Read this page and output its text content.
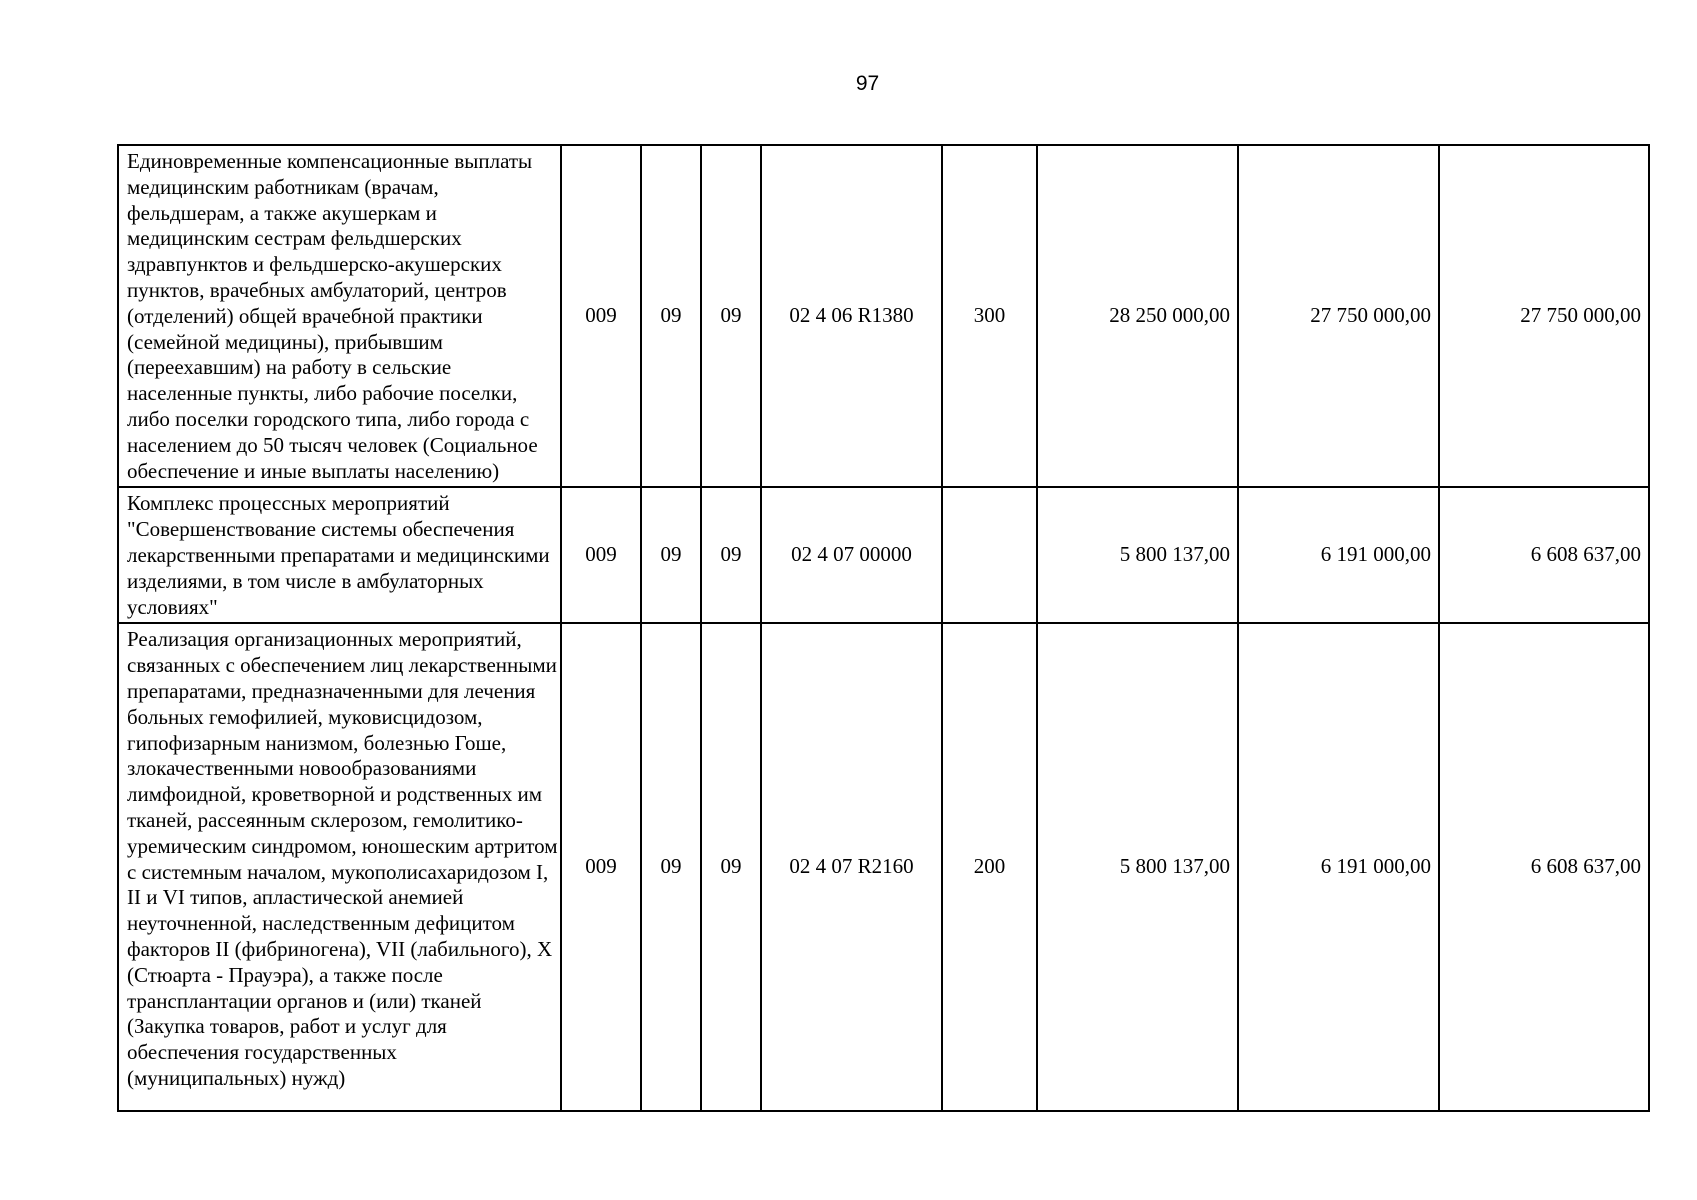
97
Единовременные компенсационные выплаты медицинским работникам (врачам, фельдшерам, а также акушеркам и медицинским сестрам фельдшерских здравпунктов и фельдшерско-акушерских пунктов, врачебных амбулаторий, центров (отделений) общей врачебной практики (семейной медицины), прибывшим (переехавшим) на работу в сельские населенные пункты, либо рабочие поселки, либо поселки городского типа, либо города с населением до 50 тысяч человек (Социальное обеспечение и иные выплаты населению)	009	09	09	02 4 06 R1380	300	28 250 000,00	27 750 000,00	27 750 000,00
Комплекс процессных мероприятий "Совершенствование системы обеспечения лекарственными препаратами и медицинскими изделиями, в том числе в амбулаторных условиях"	009	09	09	02 4 07 00000		5 800 137,00	6 191 000,00	6 608 637,00
Реализация организационных мероприятий, связанных с обеспечением лиц лекарственными препаратами, предназначенными для лечения больных гемофилией, муковисцидозом, гипофизарным нанизмом, болезнью Гоше, злокачественными новообразованиями лимфоидной, кроветворной и родственных им тканей, рассеянным склерозом, гемолитико-уремическим синдромом, юношеским артритом с системным началом, мукополисахаридозом I, II и VI типов, апластической анемией неуточненной, наследственным дефицитом факторов II (фибриногена), VII (лабильного), X (Стюарта - Прауэра), а также после трансплантации органов и (или) тканей (Закупка товаров, работ и услуг для обеспечения государственных (муниципальных) нужд)	009	09	09	02 4 07 R2160	200	5 800 137,00	6 191 000,00	6 608 637,00
